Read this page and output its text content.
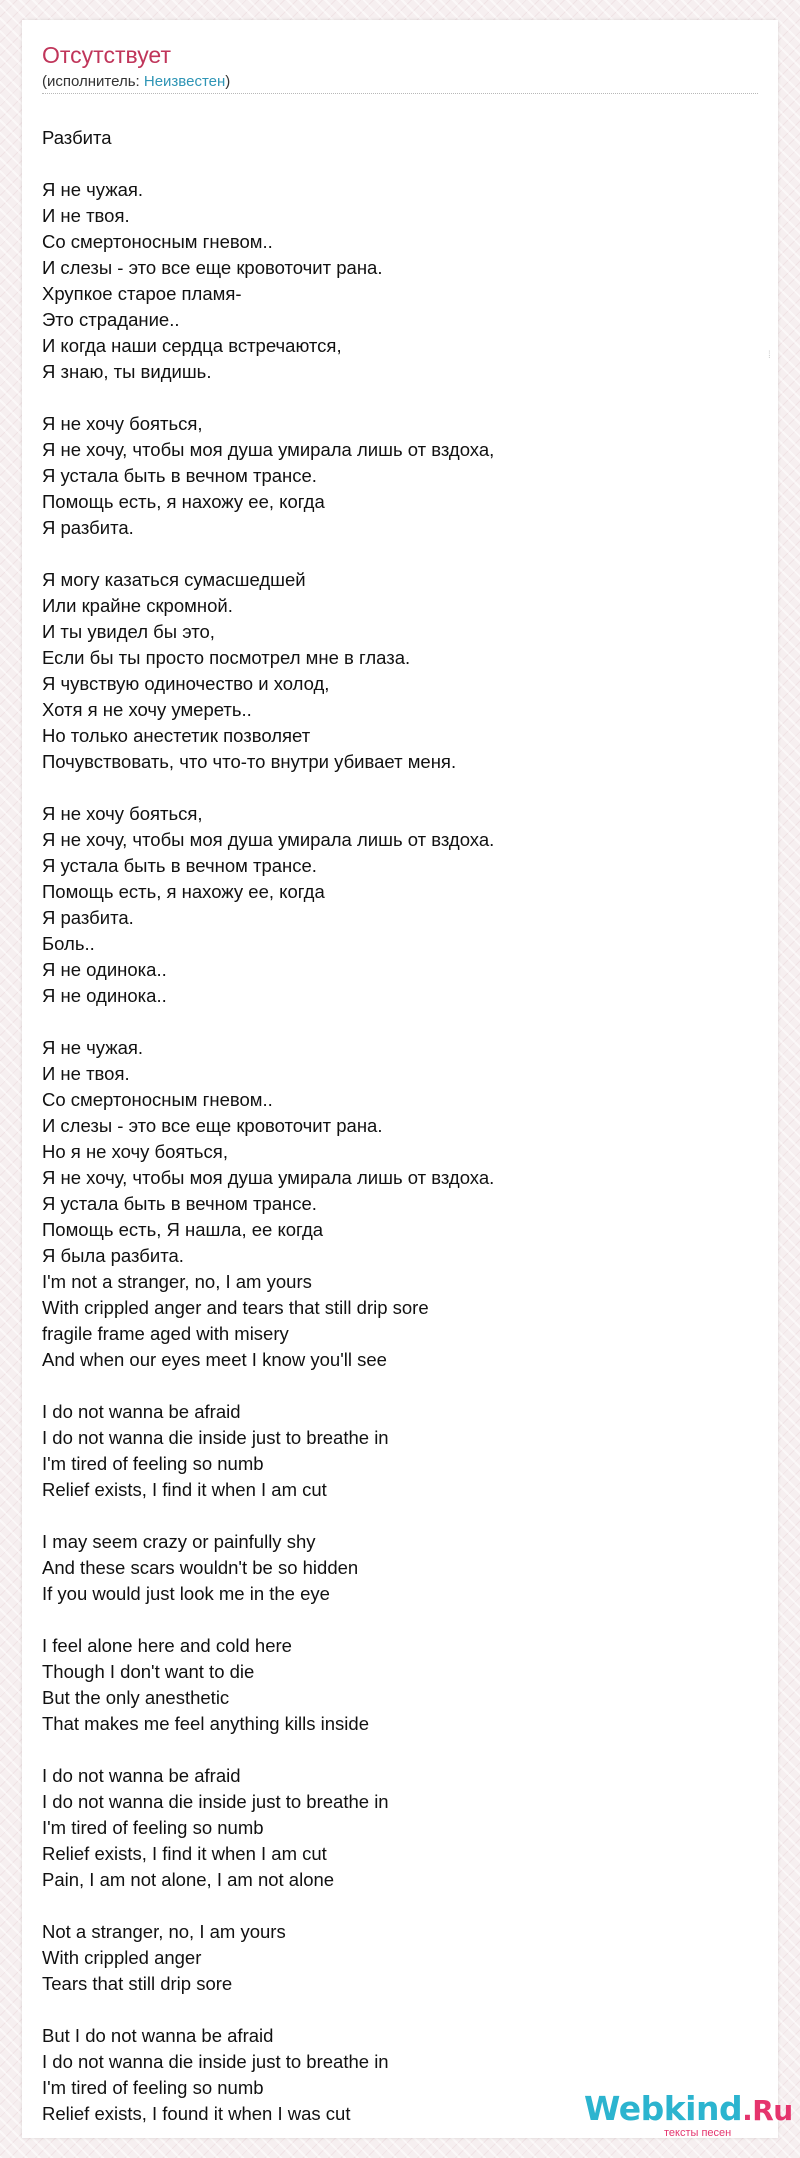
Отсутствует
(исполнитель: Неизвестен)
Разбита
Я не чужая.
И не твоя.
Со смертоносным гневом..
И слезы - это все еще кровоточит рана.
Хрупкое старое пламя-
Это страдание..
И когда наши сердца встречаются,
Я знаю, ты видишь.
Я не хочу бояться,
Я не хочу, чтобы моя душа умирала лишь от вздоха,
Я устала быть в вечном трансе.
Помощь есть, я нахожу ее, когда
Я разбита.
Я могу казаться сумасшедшей
Или крайне скромной.
И ты увидел бы это,
Если бы ты просто посмотрел мне в глаза.
Я чувствую одиночество и холод,
Хотя я не хочу умереть..
Но только анестетик позволяет
Почувствовать, что что-то внутри убивает меня.
Я не хочу бояться,
Я не хочу, чтобы моя душа умирала лишь от вздоха.
Я устала быть в вечном трансе.
Помощь есть, я нахожу ее, когда
Я разбита.
Боль..
Я не одинока..
Я не одинока..
Я не чужая.
И не твоя.
Со смертоносным гневом..
И слезы - это все еще кровоточит рана.
Но я не хочу бояться,
Я не хочу, чтобы моя душа умирала лишь от вздоха.
Я устала быть в вечном трансе.
Помощь есть, Я нашла, ее когда
Я была разбита.
I'm not a stranger, no, I am yours
With crippled anger and tears that still drip sore
fragile frame aged with misery
And when our eyes meet I know you'll see
I do not wanna be afraid
I do not wanna die inside just to breathe in
I'm tired of feeling so numb
Relief exists, I find it when I am cut
I may seem crazy or painfully shy
And these scars wouldn't be so hidden
If you would just look me in the eye
I feel alone here and cold here
Though I don't want to die
But the only anesthetic
That makes me feel anything kills inside
I do not wanna be afraid
I do not wanna die inside just to breathe in
I'm tired of feeling so numb
Relief exists, I find it when I am cut
Pain, I am not alone, I am not alone
Not a stranger, no, I am yours
With crippled anger
Tears that still drip sore
But I do not wanna be afraid
I do not wanna die inside just to breathe in
I'm tired of feeling so numb
Relief exists, I found it when I was cut
⁞
Webkind.Ru
тексты песен
